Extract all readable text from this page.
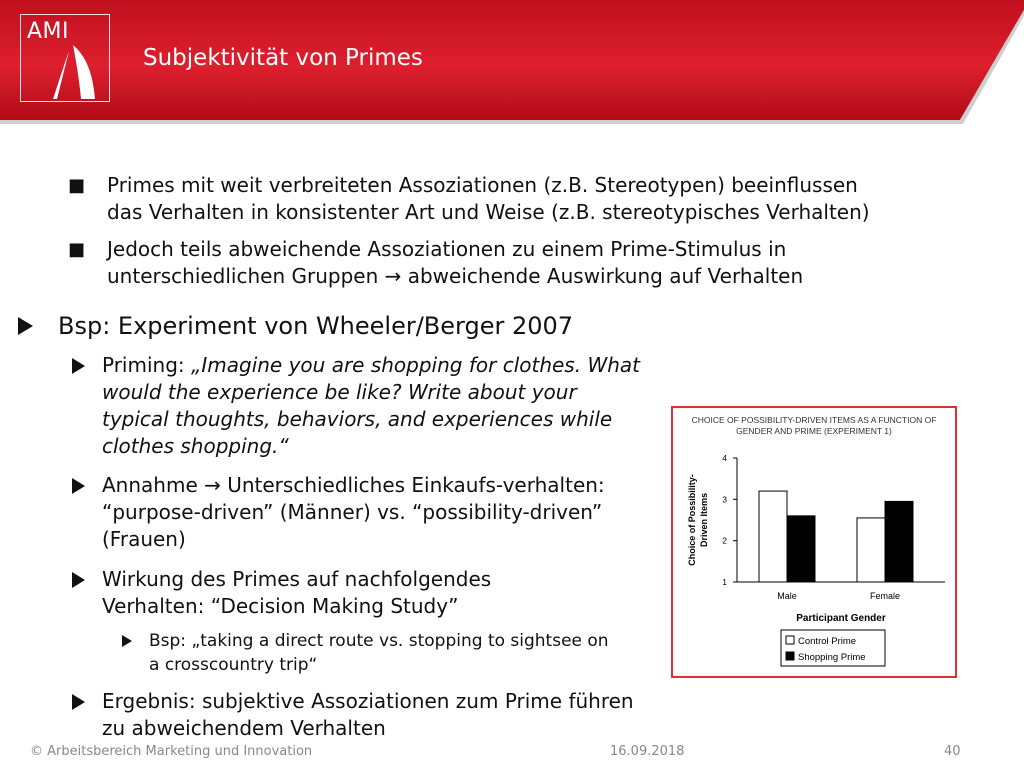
AMI
Subjektivität von Primes
■ Primes mit weit verbreiteten Assoziationen (z.B. Stereotypen) beeinflussen
das Verhalten in konsistenter Art und Weise (z.B. stereotypisches Verhalten)
■ Jedoch teils abweichende Assoziationen zu einem Prime-Stimulus in
unterschiedlichen Gruppen → abweichende Auswirkung auf Verhalten
Bsp: Experiment von Wheeler/Berger 2007
Priming: „Imagine you are shopping for clothes. What would the experience be like? Write about your typical thoughts, behaviors, and experiences while clothes shopping.“
Annahme → Unterschiedliches Einkaufs-verhalten: “purpose-driven” (Männer) vs. “possibility-driven” (Frauen)
Wirkung des Primes auf nachfolgendes Verhalten: “Decision Making Study”
Bsp: „taking a direct route vs. stopping to sightsee on a crosscountry trip“
Ergebnis: subjektive Assoziationen zum Prime führen zu abweichendem Verhalten
CHOICE OF POSSIBILITY-DRIVEN ITEMS AS A FUNCTION OF
GENDER AND PRIME (EXPERIMENT 1)
1
2
3
4
Choice of Possibility- Driven Items
Male	Female
Participant Gender
Control Prime
Shopping Prime
© Arbeitsbereich Marketing und Innovation	16.09.2018	40
